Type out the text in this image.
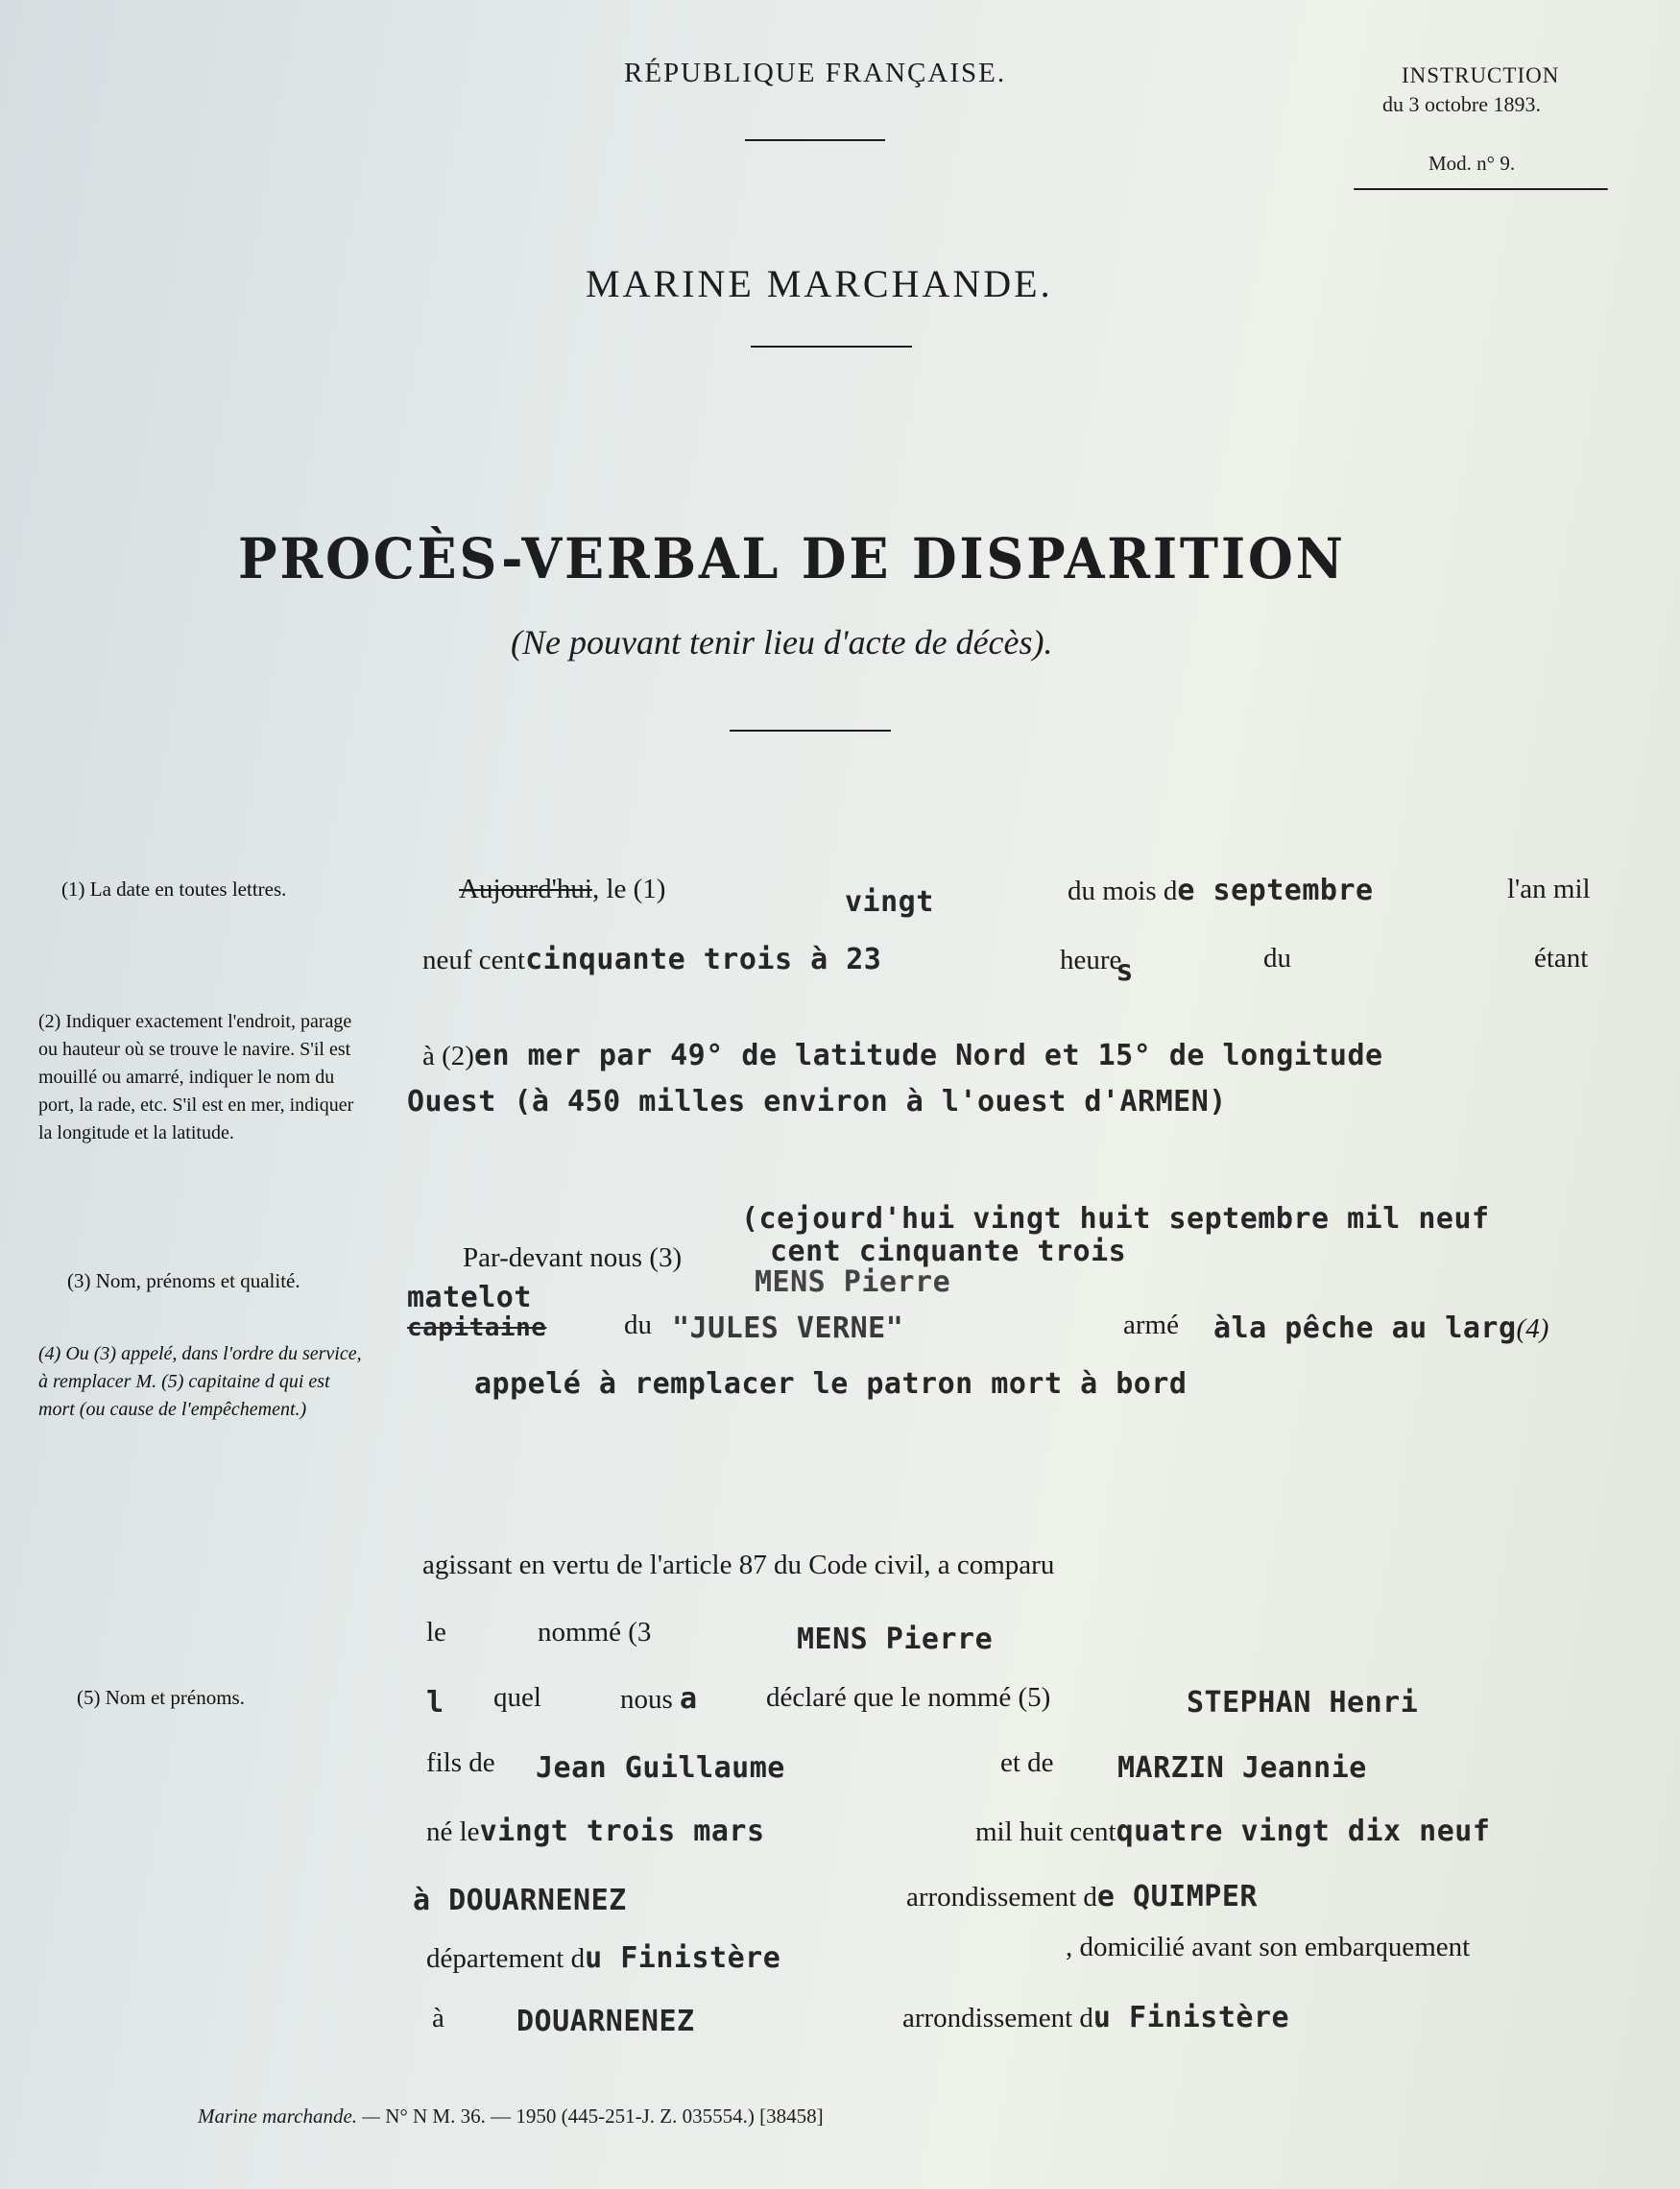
RÉPUBLIQUE FRANÇAISE.	INSTRUCTION
du 3 octobre 1893.
Mod. n° 9.
MARINE MARCHANDE.
PROCÈS-VERBAL DE DISPARITION
(Ne pouvant tenir lieu d'acte de décès).
(1) La date en toutes lettres.
(2) Indiquer exactement l'endroit, parage ou hauteur où se trouve le navire. S'il est mouillé ou amarré, indiquer le nom du port, la rade, etc. S'il est en mer, indiquer la longitude et la latitude.
(3) Nom, prénoms et qualité.
(4) Ou (3) appelé, dans l'ordre du service, à remplacer M. (5) capitaine d qui est mort (ou cause de l'empêchement.)
(5) Nom et prénoms.
Aujourd'hui, le (1)	vingt	du mois de septembre	l'an mil
neuf centcinquante trois à 23	heures	du	étant
à (2)en mer par 49° de latitude Nord et 15° de longitude
Ouest (à 450 milles environ à l'ouest d'ARMEN)
(cejourd'hui vingt huit septembre mil neuf
cent cinquante trois
Par-devant nous (3)
MENS Pierre
matelot
capitaine	du "JULES VERNE"	armé àla pêche au larg(4)
appelé à remplacer le patron mort à bord
agissant en vertu de l'article 87 du Code civil, a comparu
le	nommé (3	MENS Pierre
l quel	nous a déclaré que le nommé (5)	STEPHAN Henri
fils de Jean Guillaume	et de MARZIN Jeannie
né levingt trois mars	mil huit centquatre vingt dix neuf
à DOUARNENEZ	arrondissement de QUIMPER
département du Finistère	, domicilié avant son embarquement
à	DOUARNENEZ	arrondissement du Finistère
Marine marchande. — N° N M. 36. — 1950 (445-251-J. Z. 035554.) [38458]
